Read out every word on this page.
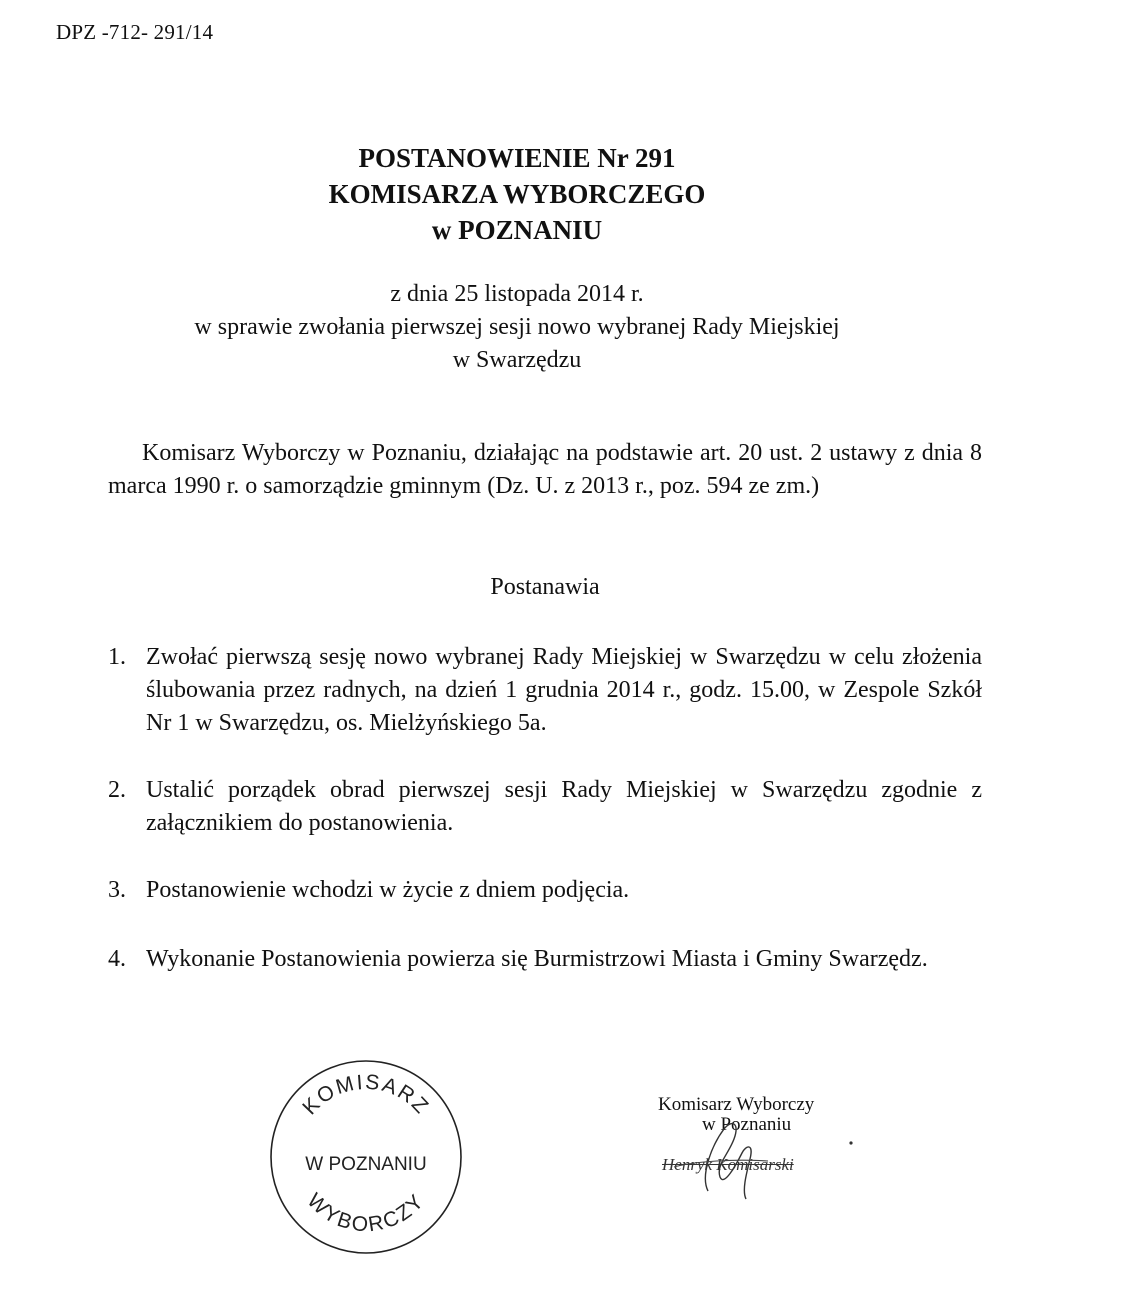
DPZ -712- 291/14
POSTANOWIENIE Nr 291
KOMISARZA WYBORCZEGO
w POZNANIU
z dnia 25 listopada 2014 r.
w sprawie zwołania pierwszej sesji nowo wybranej Rady Miejskiej
w Swarzędzu
Komisarz Wyborczy w Poznaniu, działając na podstawie art. 20 ust. 2 ustawy z dnia 8 marca 1990 r. o samorządzie gminnym (Dz. U. z 2013 r., poz. 594 ze zm.)
Postanawia
1. Zwołać pierwszą sesję nowo wybranej Rady Miejskiej w Swarzędzu w celu złożenia ślubowania przez radnych, na dzień 1 grudnia 2014 r., godz. 15.00, w Zespole Szkół Nr 1 w Swarzędzu, os. Mielżyńskiego 5a.
2. Ustalić porządek obrad pierwszej sesji Rady Miejskiej w Swarzędzu zgodnie z załącznikiem do postanowienia.
3. Postanowienie wchodzi w życie z dniem podjęcia.
4. Wykonanie Postanowienia powierza się Burmistrzowi Miasta i Gminy Swarzędz.
KOMISARZ
W POZNANIU
WYBORCZY
Komisarz Wyborczy
w Poznaniu
Henryk Komisarski
